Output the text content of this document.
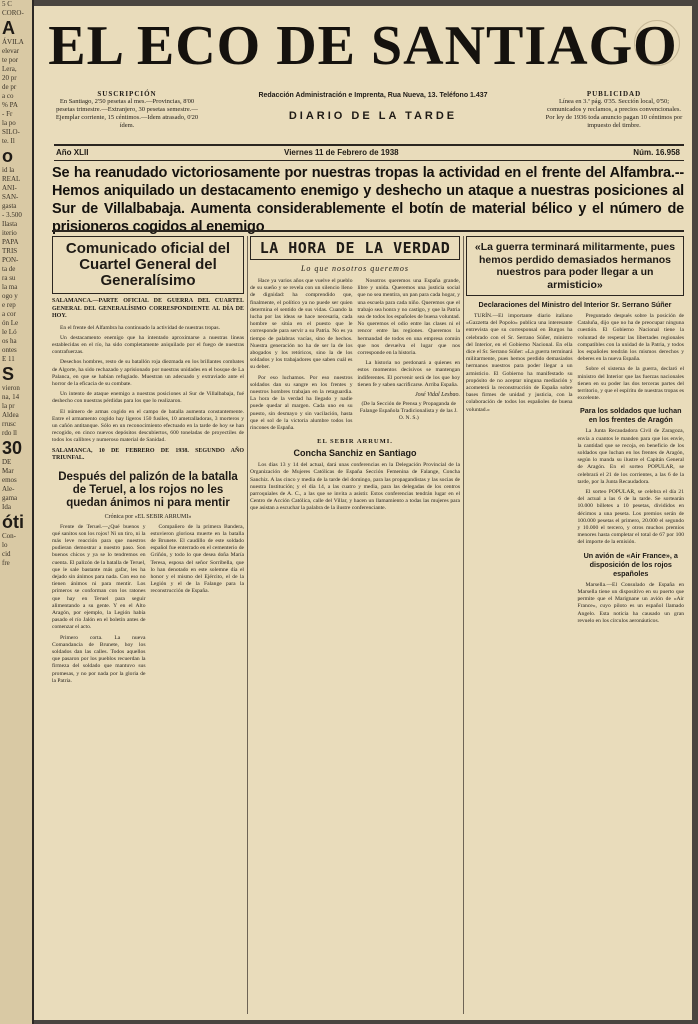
5 C
CORO-
A
ÁVILA
elevar
te por
Lera,
20 pr
de pr
a co
% PA
- Fr
la po
SILO-
te. Il
o
id la
REAL
ANI-
SAN-
gasta
- 3.500
Ilasta
iterio
PAPA
TRIS
PON-
ta de
ra su
la ma
ogo y
e rep
a cor
ón Le
le Ló
os ha
ontes
E 11
S
vieron
na, 14
la pr
Aldea
rrusc
rdo ll
30
DE
Mar
emos
Ale-
gama
Ida
óti
Con-
lo
cid
fre
EL ECO DE SANTIAGO
SUSCRIPCIÓN
En Santiago, 2'50 pesetas al mes.—Provincias, 8'00 pesetas trimestre.—Extranjero, 30 pesetas semestre.—Ejemplar corriente, 15 céntimos.—Idem atrasado, 0'20 ídem.
Redacción Administración e Imprenta, Rua Nueva, 13. Teléfono 1.437
DIARIO DE LA TARDE
PUBLICIDAD
Línea en 3.ª pág. 0'35. Sección local, 0'50; comunicados y reclamos, a precios convencionales. Por ley de 1936 toda anuncio pagan 10 céntimos por impuesto del timbre.
Año XLII	Viernes 11 de Febrero de 1938	Núm. 16.958
Se ha reanudado victoriosamente por nuestras tropas la actividad en el frente del Alfambra.--Hemos aniquilado un destacamento enemigo y deshecho un ataque a nuestras posiciones al Sur de Villalbabaja. Aumenta considerablemente el botín de material bélico y el número de prisioneros cogidos al enemigo
Comunicado oficial del Cuartel General del Generalísimo

SALAMANCA.—PARTE OFICIAL DE GUERRA DEL CUARTEL GENERAL DEL GENERALÍSIMO CORRESPONDIENTE AL DÍA DE HOY.

En el frente del Alfambra ha continuado la actividad de nuestras tropas.

Un destacamento enemigo que ha intentado aproximarse a nuestras líneas establecidas en el río, ha sido completamente aniquilado por el fuego de nuestras contrafuerzas.

Desechos hombres, resto de su batallón roja diezmada en los brillantes combates de Algorte, ha sido rechazado y aprisionado por nuestras unidades en el bosque de La Palanca, en que se habían refugiado. Muestran un adecuado y extraviado ante el horror de la eficacia de su combate.

Un intento de ataque enemigo a nuestras posiciones al Sur de Villalbabaja, fué deshecho con nuestras pérdidas para los que lo realizaron.

El número de armas cogido en el campo de batalla aumenta constantemente. Entre el armamento cogido hay ligeros 150 fusiles, 10 ametralladoras, 3 morteros y un cañón antitanque. Sólo en un reconocimiento efectuado en la tarde de hoy se han recogido, en cinco nuevos depósitos descubiertos, 600 toneladas de proyectiles de todos los calibres y numeroso material de Sanidad.

SALAMANCA, 10 DE FEBRERO DE 1938. SEGUNDO AÑO TRIUNFAL.

Después del palizón de la batalla de Teruel, a los rojos no les quedan ánimos ni para mentir
Crónica por «EL SEBIR ARRUMI»

Frente de Teruel.—¿Qué buenos y qué sanitos son los rojos! Ni un tiro, ni la más leve reacción para que nuestros pudieran demostrar a nuestro paso. Son buenos chicos y ya se lo tendremos en cuenta. El palizón de la batalla de Teruel, que le sale bastante más gafar, les ha dejado sin ánimos para nada. Con eso no tienen ánimos ni para mentir. Los primeros se conforman con los ratones que hay en Teruel para seguir alimentando a su gente. Y en el Alto Aragón, por ejemplo, la Legión había pasado el río Jalón en el boletín antes de comenzar el acto.

Primero corta. La nueva Comandancia de Brunete, hoy los soldados dan las calles. Todos aquellos que pasaron por los pueblos recuerdan la firmeza del soldado que mantuvo sus promesas, y no por nada por la gloria de la Patria.

Compañero de la primera Bandera, estuvieron gloriosa muerte en la batalla de Brunete. El caudillo de este soldado español fue enterrado en el cementerio de Griñón, y todo lo que desea doña María Teresa, esposa del señor Sorribella, que lo han denotado en este solemne día el honor y el mismo del Ejército, el de la Legión y el de la Falange para la reconstrucción de España.

LA HORA DE LA VERDAD
Lo que nosotros queremos

Hace ya varios años que vuelve el pueblo de su sueño y se revela con un silencio lleno de dignidad: ha comprendido que, finalmente, el político ya no puede ser quien determina el sentido de sus vidas. Cuando la lucha por las ideas se hace necesaria, cada hombre se sitúa en el puesto que le corresponde para servir a su Patria. No es ya tiempo de palabras vacías, sino de hechos. Nuestra generación no ha de ser la de los abogados y los retóricos, sino la de los soldados y los trabajadores que saben cuál es su deber.

Por eso luchamos. Por eso nuestros soldados dan su sangre en los frentes y nuestros hombres trabajan en la retaguardia. La hora de la verdad ha llegado y nadie puede quedar al margen. Cada uno en su puesto, sin desmayo y sin vacilación, hasta que el sol de la victoria alumbre todos los rincones de España.

Nosotros queremos una España grande, libre y unida. Queremos una justicia social que no sea mentira, un pan para cada hogar, y una escuela para cada niño. Queremos que el trabajo sea honra y no castigo, y que la Patria sea de todos los españoles de buena voluntad. No queremos el odio entre las clases ni el rencor entre las regiones. Queremos la hermandad de todos en una empresa común que nos devuelva el lugar que nos corresponde en la historia.

La historia no perdonará a quienes en estos momentos decisivos se mantengan indiferentes. El porvenir será de los que hoy tienen fe y saben sacrificarse. Arriba España.

José Vidal Lesbao.

(De la Sección de Prensa y Propaganda de Falange Española Tradicionalista y de las J. O. N. S.)

EL SEBIR ARRUMI.
Concha Sanchiz en Santiago

Los días 13 y 14 del actual, dará unas conferencias en la Delegación Provincial de la Organización de Mujeres Católicas de España Sección Femenina de Falange, Concha Sanchiz. A las cinco y media de la tarde del domingo, para las propagandistas y las socias de nuestra Institución; y el día 14, a las cuatro y media, para las delegadas de los centros parroquiales de A. C., a las que se invita a asistir. Estos conferencias tendrán lugar en el Centro de Acción Católica, calle del Villar, y hacen un llamamiento a todas las mujeres para que asistan a escuchar la palabra de la ilustre conferenciante.

«La guerra terminará militarmente, pues hemos perdido demasiados hermanos nuestros para poder llegar a un armisticio»
Declaraciones del Ministro del Interior Sr. Serrano Súñer

TURÍN.—El importante diario italiano «Gazzetta del Popolo» publica una interesante entrevista que su corresponsal en Burgos ha celebrado con el Sr. Serrano Súñer, ministro del Interior, en el Gobierno Nacional. En ella dice el Sr. Serrano Súñer: «La guerra terminará militarmente, pues hemos perdido demasiados hermanos nuestros para poder llegar a un armisticio. El Gobierno ha manifestado su propósito de no aceptar ninguna mediación y acometerá la reconstrucción de España sobre bases firmes de unidad y justicia, con la colaboración de todos los españoles de buena voluntad.»

Preguntado después sobre la posición de Cataluña, dijo que no ha de preocupar ninguna cuestión. El Gobierno Nacional tiene la voluntad de respetar las libertades regionales compatibles con la unidad de la Patria, y todos los españoles tendrán los mismos derechos y deberes en la nueva España.

Sobre el sistema de la guerra, declaró el ministro del Interior que las fuerzas nacionales tienen en su poder las dos terceras partes del territorio, y que el espíritu de nuestras tropas es excelente.

Para los soldados que luchan en los frentes de Aragón

La Junta Recaudadora Civil de Zaragoza, envía a cuantos le manden para que los envíe, la cantidad que se recoja, en beneficio de los soldados que luchan en los frentes de Aragón, según lo manda su ilustre el Capitán General de Aragón. En el sorteo POPULAR, se celebrará el 21 de los corrientes, a las 6 de la tarde, por la Junta Recaudadora.

El sorteo POPULAR, se celebra el día 21 del actual a las 6 de la tarde. Se sortearán 10.000 billetes a 10 pesetas, divididos en décimos a una peseta. Los premios serán de 100.000 pesetas el primero, 20.000 el segundo y 10.000 el tercero, y otros muchos premios menores hasta completar el total de 67 por 100 del importe de la emisión.

Un avión de «Air France», a disposición de los rojos españoles

Marsella.—El Consulado de España en Marsella tiene un dispositivo en su puerto que permite que el Marignane un avión de «Air France», cuyo piloto es un español llamado Angelo. Esta noticia ha causado un gran revuelo en los círculos aeronáuticos.
